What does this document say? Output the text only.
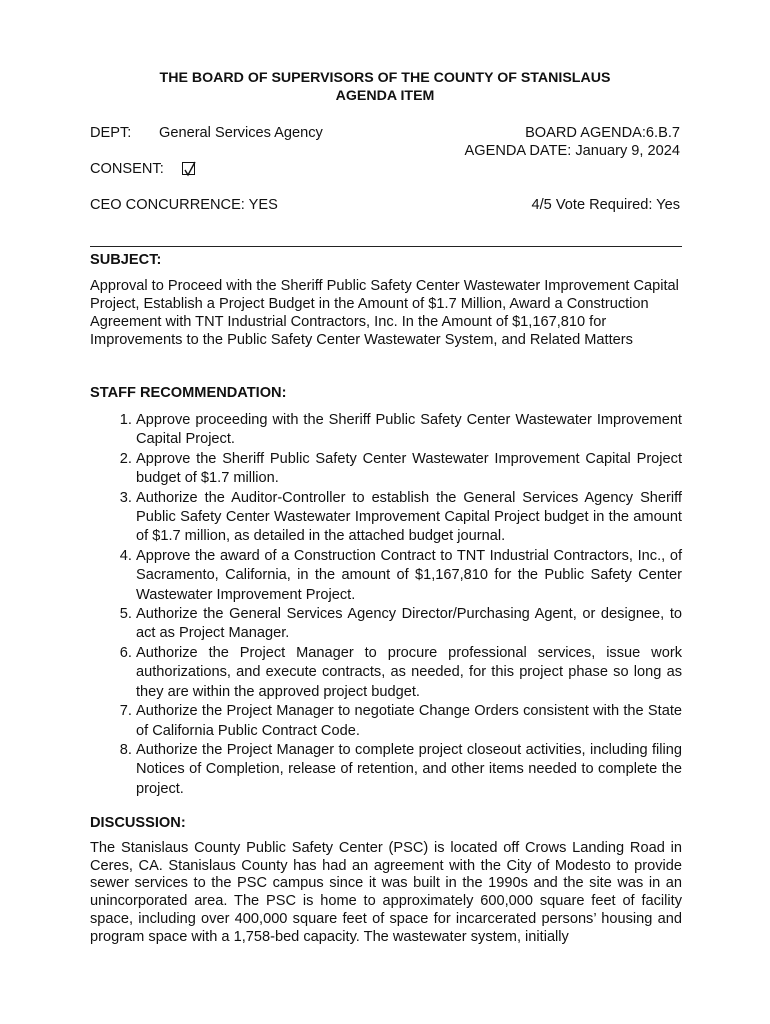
THE BOARD OF SUPERVISORS OF THE COUNTY OF STANISLAUS
AGENDA ITEM
DEPT: General Services Agency	BOARD AGENDA:6.B.7
AGENDA DATE: January 9, 2024
CONSENT:
CEO CONCURRENCE: YES	4/5 Vote Required: Yes
SUBJECT:
Approval to Proceed with the Sheriff Public Safety Center Wastewater Improvement Capital Project, Establish a Project Budget in the Amount of $1.7 Million, Award a Construction Agreement with TNT Industrial Contractors, Inc. In the Amount of $1,167,810 for Improvements to the Public Safety Center Wastewater System, and Related Matters
STAFF RECOMMENDATION:
1. Approve proceeding with the Sheriff Public Safety Center Wastewater Improvement Capital Project.
2. Approve the Sheriff Public Safety Center Wastewater Improvement Capital Project budget of $1.7 million.
3. Authorize the Auditor-Controller to establish the General Services Agency Sheriff Public Safety Center Wastewater Improvement Capital Project budget in the amount of $1.7 million, as detailed in the attached budget journal.
4. Approve the award of a Construction Contract to TNT Industrial Contractors, Inc., of Sacramento, California, in the amount of $1,167,810 for the Public Safety Center Wastewater Improvement Project.
5. Authorize the General Services Agency Director/Purchasing Agent, or designee, to act as Project Manager.
6. Authorize the Project Manager to procure professional services, issue work authorizations, and execute contracts, as needed, for this project phase so long as they are within the approved project budget.
7. Authorize the Project Manager to negotiate Change Orders consistent with the State of California Public Contract Code.
8. Authorize the Project Manager to complete project closeout activities, including filing Notices of Completion, release of retention, and other items needed to complete the project.
DISCUSSION:
The Stanislaus County Public Safety Center (PSC) is located off Crows Landing Road in Ceres, CA. Stanislaus County has had an agreement with the City of Modesto to provide sewer services to the PSC campus since it was built in the 1990s and the site was in an unincorporated area. The PSC is home to approximately 600,000 square feet of facility space, including over 400,000 square feet of space for incarcerated persons’ housing and program space with a 1,758-bed capacity. The wastewater system, initially
